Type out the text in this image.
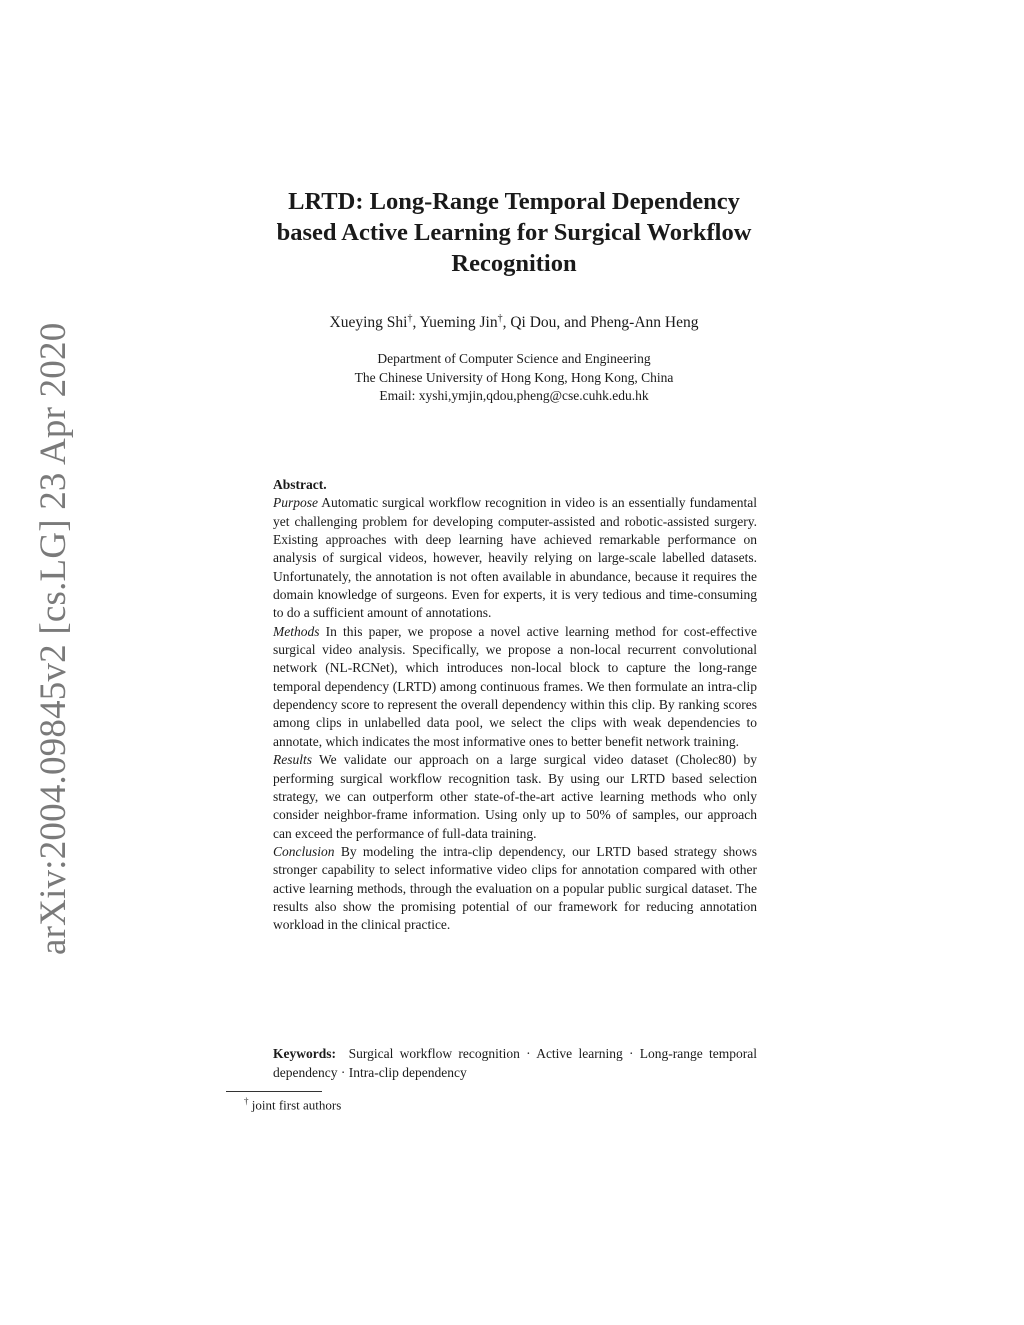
arXiv:2004.09845v2 [cs.LG] 23 Apr 2020
LRTD: Long-Range Temporal Dependency
based Active Learning for Surgical Workflow
Recognition
Xueying Shi†, Yueming Jin†, Qi Dou, and Pheng-Ann Heng
Department of Computer Science and Engineering
The Chinese University of Hong Kong, Hong Kong, China
Email: xyshi,ymjin,qdou,pheng@cse.cuhk.edu.hk

Abstract.

Purpose Automatic surgical workflow recognition in video is an essentially fundamental yet challenging problem for developing computer-assisted and robotic-assisted surgery. Existing approaches with deep learning have achieved remarkable performance on analysis of surgical videos, however, heavily relying on large-scale labelled datasets. Unfortunately, the annotation is not often available in abundance, because it requires the domain knowledge of surgeons. Even for experts, it is very tedious and time-consuming to do a sufficient amount of annotations.

Methods In this paper, we propose a novel active learning method for cost-effective surgical video analysis. Specifically, we propose a non-local recurrent convolutional network (NL-RCNet), which introduces non-local block to capture the long-range temporal dependency (LRTD) among continuous frames. We then formulate an intra-clip dependency score to represent the overall dependency within this clip. By ranking scores among clips in unlabelled data pool, we select the clips with weak dependencies to annotate, which indicates the most informative ones to better benefit network training.

Results We validate our approach on a large surgical video dataset (Cholec80) by performing surgical workflow recognition task. By using our LRTD based selection strategy, we can outperform other state-of-the-art active learning methods who only consider neighbor-frame information. Using only up to 50% of samples, our approach can exceed the performance of full-data training.

Conclusion By modeling the intra-clip dependency, our LRTD based strategy shows stronger capability to select informative video clips for annotation compared with other active learning methods, through the evaluation on a popular public surgical dataset. The results also show the promising potential of our framework for reducing annotation workload in the clinical practice.

Keywords: Surgical workflow recognition · Active learning · Long-range temporal dependency · Intra-clip dependency
† joint first authors
